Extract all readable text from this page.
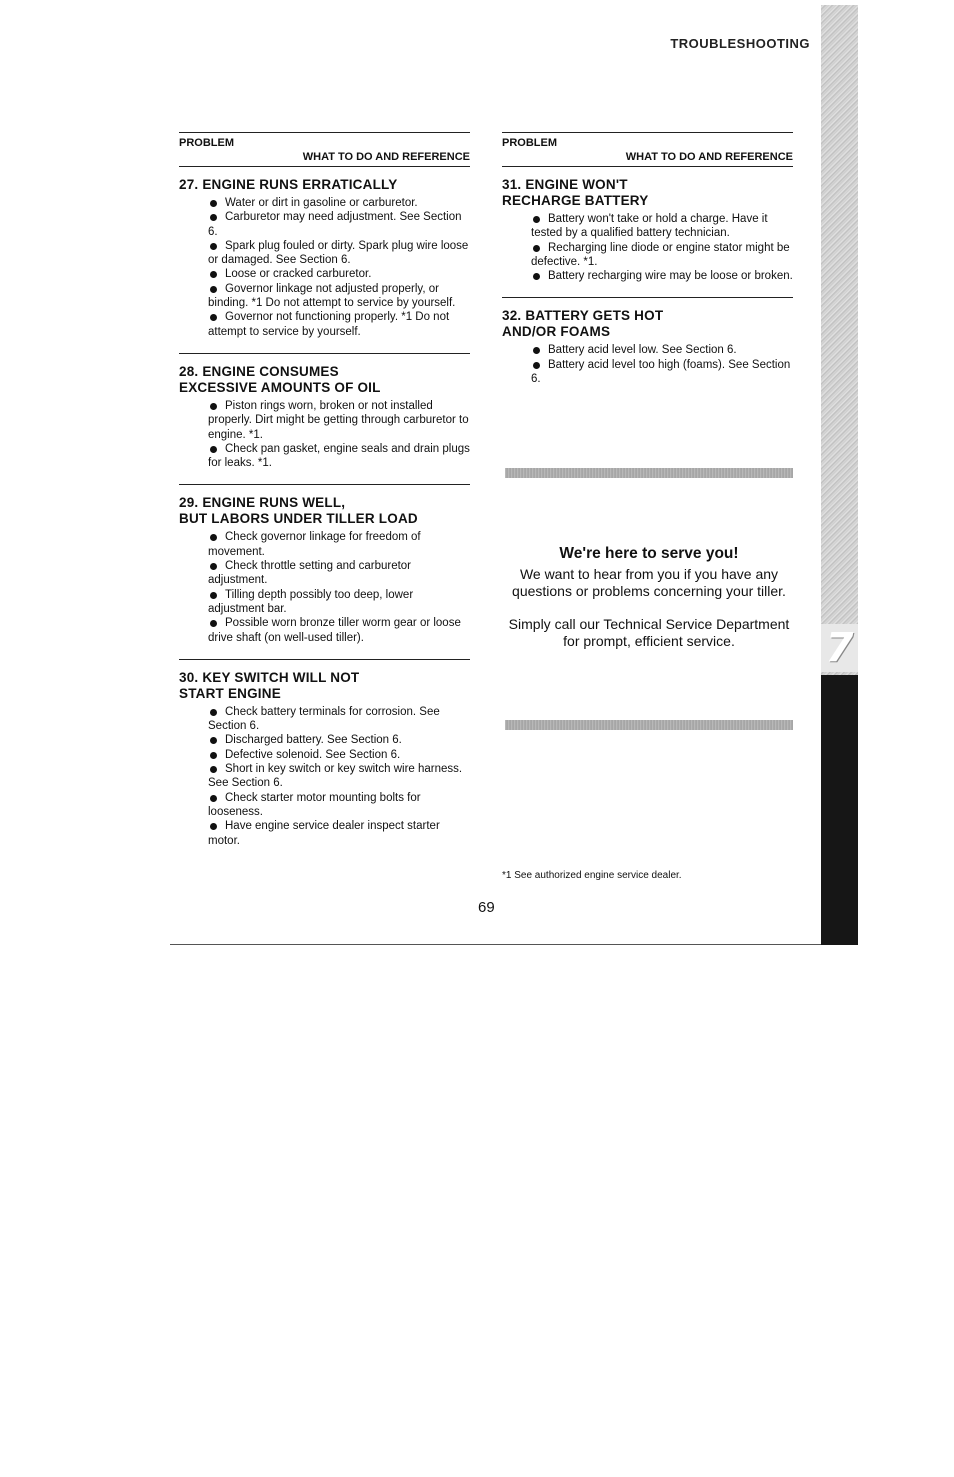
TROUBLESHOOTING
7
PROBLEM
WHAT TO DO AND REFERENCE
27. ENGINE RUNS ERRATICALLY
Water or dirt in gasoline or carburetor.
Carburetor may need adjustment. See Section 6.
Spark plug fouled or dirty. Spark plug wire loose or damaged. See Section 6.
Loose or cracked carburetor.
Governor linkage not adjusted properly, or binding. *1 Do not attempt to service by yourself.
Governor not functioning properly. *1 Do not attempt to service by yourself.
28. ENGINE CONSUMES
EXCESSIVE AMOUNTS OF OIL
Piston rings worn, broken or not installed properly. Dirt might be getting through carburetor to engine. *1.
Check pan gasket, engine seals and drain plugs for leaks. *1.
29. ENGINE RUNS WELL,
BUT LABORS UNDER TILLER LOAD
Check governor linkage for freedom of movement.
Check throttle setting and carburetor adjustment.
Tilling depth possibly too deep, lower adjustment bar.
Possible worn bronze tiller worm gear or loose drive shaft (on well-used tiller).
30. KEY SWITCH WILL NOT
START ENGINE
Check battery terminals for corrosion. See Section 6.
Discharged battery. See Section 6.
Defective solenoid. See Section 6.
Short in key switch or key switch wire harness. See Section 6.
Check starter motor mounting bolts for looseness.
Have engine service dealer inspect starter motor.
PROBLEM
WHAT TO DO AND REFERENCE
31. ENGINE WON'T
RECHARGE BATTERY
Battery won't take or hold a charge. Have it tested by a qualified battery technician.
Recharging line diode or engine stator might be defective. *1.
Battery recharging wire may be loose or broken.
32. BATTERY GETS HOT
AND/OR FOAMS
Battery acid level low. See Section 6.
Battery acid level too high (foams). See Section 6.
We're here to serve you!
We want to hear from you if you have any questions or problems concerning your tiller.
Simply call our Technical Service Department for prompt, efficient service.
*1 See authorized engine service dealer.
69
